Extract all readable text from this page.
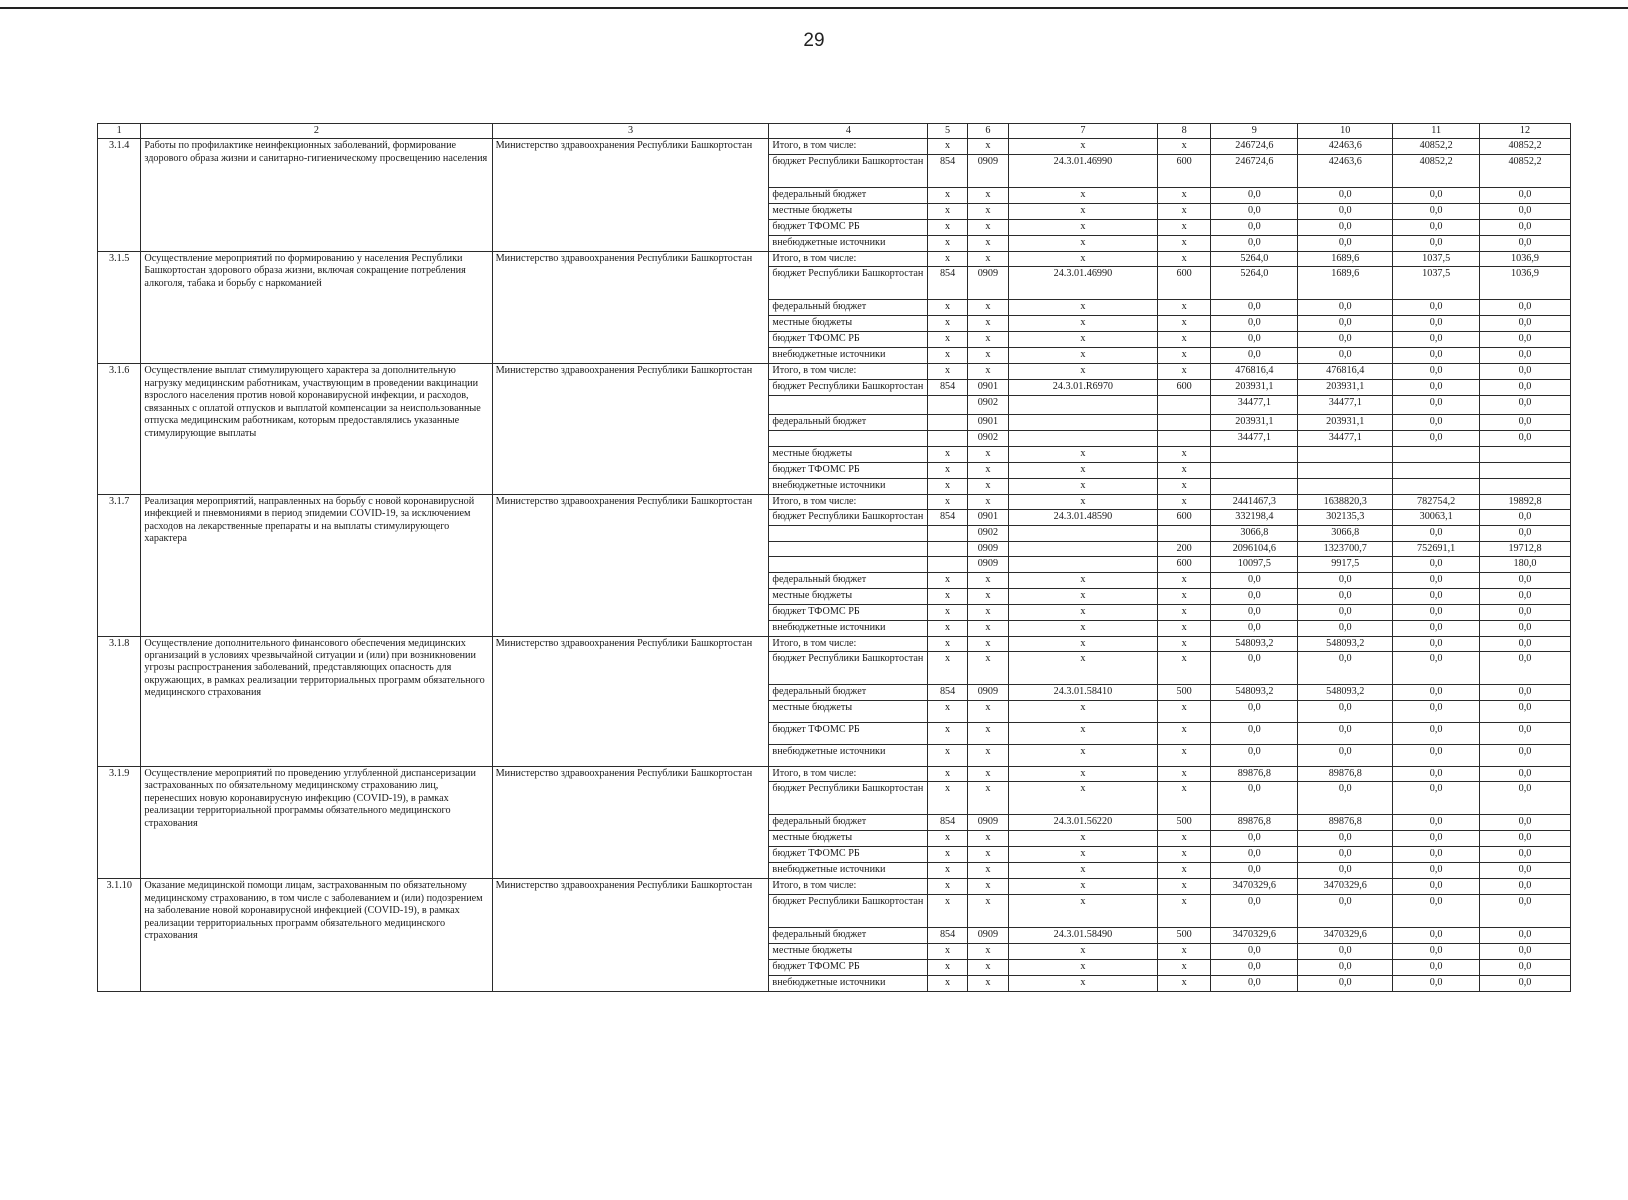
29
1	2	3	4	5	6	7	8	9	10	11	12
3.1.4	Работы по профилактике неинфекционных заболеваний, формирование здорового образа жизни и санитарно-гигиеническому просвещению населения	Министерство здравоохранения Республики Башкортостан	Итого, в том числе:	x	x	x	x	246724,6	42463,6	40852,2	40852,2
			бюджет Республики Башкортостан	854	0909	24.3.01.46990	600	246724,6	42463,6	40852,2	40852,2
			федеральный бюджет	x	x	x	x	0,0	0,0	0,0	0,0
			местные бюджеты	x	x	x	x	0,0	0,0	0,0	0,0
			бюджет ТФОМС РБ	x	x	x	x	0,0	0,0	0,0	0,0
			внебюджетные источники	x	x	x	x	0,0	0,0	0,0	0,0
3.1.5	Осуществление мероприятий по формированию у населения Республики Башкортостан здорового образа жизни, включая сокращение потребления алкоголя, табака и борьбу с наркоманией	Министерство здравоохранения Республики Башкортостан	Итого, в том числе:	x	x	x	x	5264,0	1689,6	1037,5	1036,9
			бюджет Республики Башкортостан	854	0909	24.3.01.46990	600	5264,0	1689,6	1037,5	1036,9
			федеральный бюджет	x	x	x	x	0,0	0,0	0,0	0,0
			местные бюджеты	x	x	x	x	0,0	0,0	0,0	0,0
			бюджет ТФОМС РБ	x	x	x	x	0,0	0,0	0,0	0,0
			внебюджетные источники	x	x	x	x	0,0	0,0	0,0	0,0
3.1.6	Осуществление выплат стимулирующего характера за дополнительную нагрузку медицинским работникам, участвующим в проведении вакцинации взрослого населения против новой коронавирусной инфекции, и расходов, связанных с оплатой отпусков и выплатой компенсации за неиспользованные отпуска медицинским работникам, которым предоставлялись указанные стимулирующие выплаты	Министерство здравоохранения Республики Башкортостан	Итого, в том числе:	x	x	x	x	476816,4	476816,4	0,0	0,0
			бюджет Республики Башкортостан	854	0901	24.3.01.R6970	600	203931,1	203931,1	0,0	0,0
					0902			34477,1	34477,1	0,0	0,0
			федеральный бюджет		0901			203931,1	203931,1	0,0	0,0
					0902			34477,1	34477,1	0,0	0,0
			местные бюджеты	x	x	x	x				
			бюджет ТФОМС РБ	x	x	x	x				
			внебюджетные источники	x	x	x	x				
3.1.7	Реализация мероприятий, направленных на борьбу с новой коронавирусной инфекцией и пневмониями в период эпидемии COVID-19, за исключением расходов на лекарственные препараты и на выплаты стимулирующего характера	Министерство здравоохранения Республики Башкортостан	Итого, в том числе:	x	x	x	x	2441467,3	1638820,3	782754,2	19892,8
			бюджет Республики Башкортостан	854	0901	24.3.01.48590	600	332198,4	302135,3	30063,1	0,0
					0902			3066,8	3066,8	0,0	0,0
					0909		200	2096104,6	1323700,7	752691,1	19712,8
					0909		600	10097,5	9917,5	0,0	180,0
			федеральный бюджет	x	x	x	x	0,0	0,0	0,0	0,0
			местные бюджеты	x	x	x	x	0,0	0,0	0,0	0,0
			бюджет ТФОМС РБ	x	x	x	x	0,0	0,0	0,0	0,0
			внебюджетные источники	x	x	x	x	0,0	0,0	0,0	0,0
3.1.8	Осуществление дополнительного финансового обеспечения медицинских организаций в условиях чрезвычайной ситуации и (или) при возникновении угрозы распространения заболеваний, представляющих опасность для окружающих, в рамках реализации территориальных программ обязательного медицинского страхования	Министерство здравоохранения Республики Башкортостан	Итого, в том числе:	x	x	x	x	548093,2	548093,2	0,0	0,0
			бюджет Республики Башкортостан	x	x	x	x	0,0	0,0	0,0	0,0
			федеральный бюджет	854	0909	24.3.01.58410	500	548093,2	548093,2	0,0	0,0
			местные бюджеты	x	x	x	x	0,0	0,0	0,0	0,0
			бюджет ТФОМС РБ	x	x	x	x	0,0	0,0	0,0	0,0
			внебюджетные источники	x	x	x	x	0,0	0,0	0,0	0,0
3.1.9	Осуществление мероприятий по проведению углубленной диспансеризации застрахованных по обязательному медицинскому страхованию лиц, перенесших новую коронавирусную инфекцию (COVID-19), в рамках реализации территориальной программы обязательного медицинского страхования	Министерство здравоохранения Республики Башкортостан	Итого, в том числе:	x	x	x	x	89876,8	89876,8	0,0	0,0
			бюджет Республики Башкортостан	x	x	x	x	0,0	0,0	0,0	0,0
			федеральный бюджет	854	0909	24.3.01.56220	500	89876,8	89876,8	0,0	0,0
			местные бюджеты	x	x	x	x	0,0	0,0	0,0	0,0
			бюджет ТФОМС РБ	x	x	x	x	0,0	0,0	0,0	0,0
			внебюджетные источники	x	x	x	x	0,0	0,0	0,0	0,0
3.1.10	Оказание медицинской помощи лицам, застрахованным по обязательному медицинскому страхованию, в том числе с заболеванием и (или) подозрением на заболевание новой коронавирусной инфекцией (COVID-19), в рамках реализации территориальных программ обязательного медицинского страхования	Министерство здравоохранения Республики Башкортостан	Итого, в том числе:	x	x	x	x	3470329,6	3470329,6	0,0	0,0
			бюджет Республики Башкортостан	x	x	x	x	0,0	0,0	0,0	0,0
			федеральный бюджет	854	0909	24.3.01.58490	500	3470329,6	3470329,6	0,0	0,0
			местные бюджеты	x	x	x	x	0,0	0,0	0,0	0,0
			бюджет ТФОМС РБ	x	x	x	x	0,0	0,0	0,0	0,0
			внебюджетные источники	x	x	x	x	0,0	0,0	0,0	0,0
